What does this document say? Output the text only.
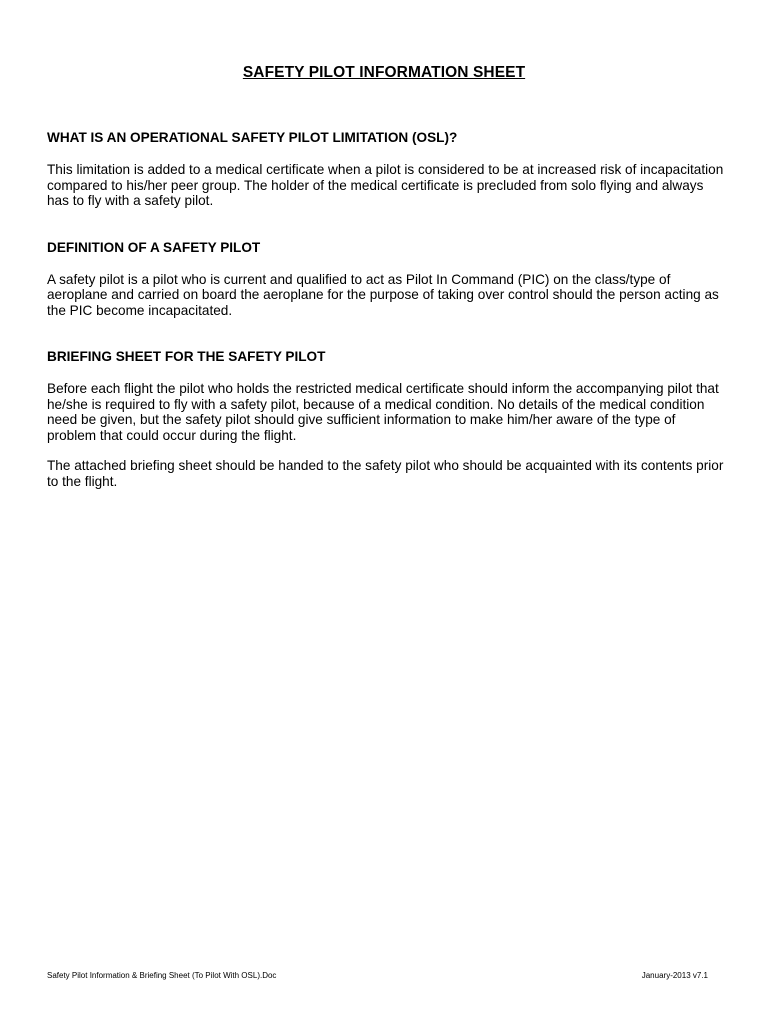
SAFETY PILOT INFORMATION SHEET
WHAT IS AN OPERATIONAL SAFETY PILOT LIMITATION (OSL)?

This limitation is added to a medical certificate when a pilot is considered to be at increased risk of incapacitation compared to his/her peer group. The holder of the medical certificate is precluded from solo flying and always has to fly with a safety pilot.

DEFINITION OF A SAFETY PILOT

A safety pilot is a pilot who is current and qualified to act as Pilot In Command (PIC) on the class/type of aeroplane and carried on board the aeroplane for the purpose of taking over control should the person acting as the PIC become incapacitated.

BRIEFING SHEET FOR THE SAFETY PILOT

Before each flight the pilot who holds the restricted medical certificate should inform the accompanying pilot that he/she is required to fly with a safety pilot, because of a medical condition. No details of the medical condition need be given, but the safety pilot should give sufficient information to make him/her aware of the type of problem that could occur during the flight.

The attached briefing sheet should be handed to the safety pilot who should be acquainted with its contents prior to the flight.

Safety Pilot Information & Briefing Sheet (To Pilot With OSL).Doc	January-2013 v7.1
